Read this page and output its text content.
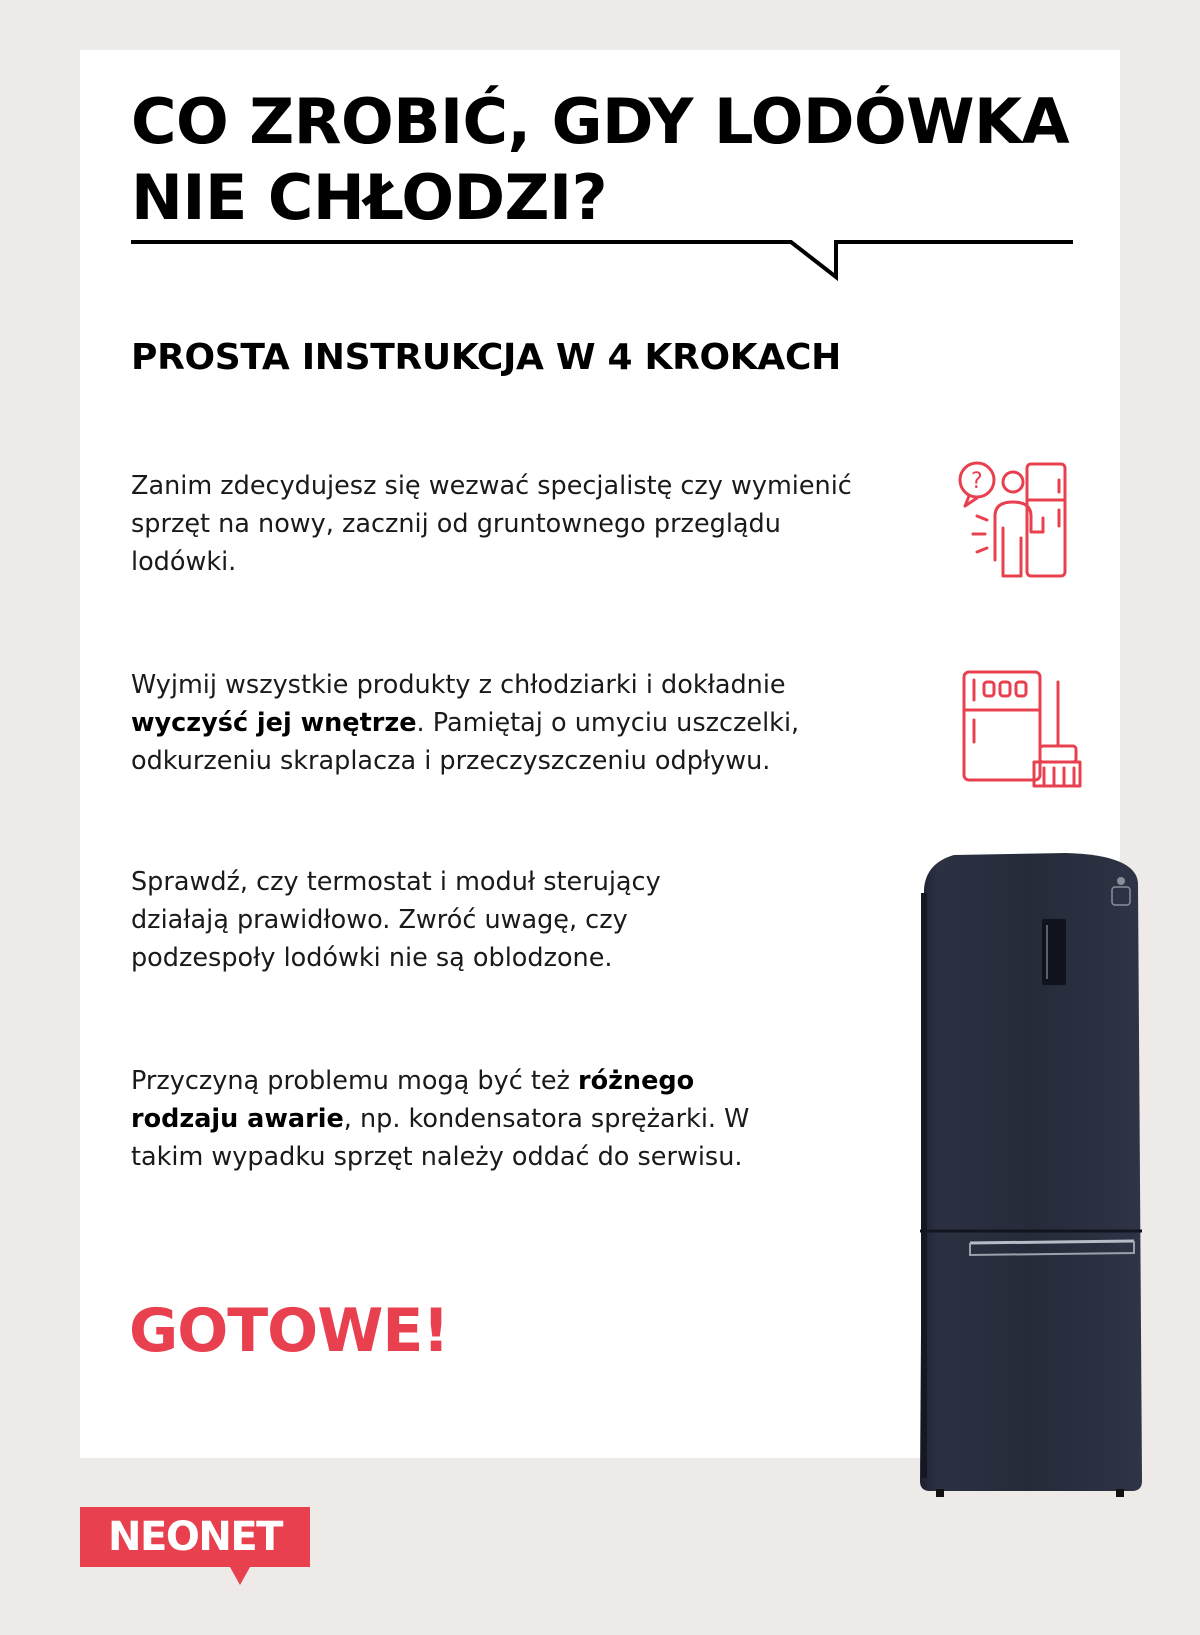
CO ZROBIĆ, GDY LODÓWKA NIE CHŁODZI?
PROSTA INSTRUKCJA W 4 KROKACH

Zanim zdecydujesz się wezwać specjalistę czy wymienić sprzęt na nowy, zacznij od gruntownego przeglądu lodówki.

?

Wyjmij wszystkie produkty z chłodziarki i dokładnie wyczyść jej wnętrze. Pamiętaj o umyciu uszczelki, odkurzeniu skraplacza i przeczyszczeniu odpływu.

Sprawdź, czy termostat i moduł sterujący działają prawidłowo. Zwróć uwagę, czy podzespoły lodówki nie są oblodzone.

Przyczyną problemu mogą być też różnego rodzaju awarie, np. kondensatora sprężarki. W takim wypadku sprzęt należy oddać do serwisu.

GOTOWE!
NEONET
